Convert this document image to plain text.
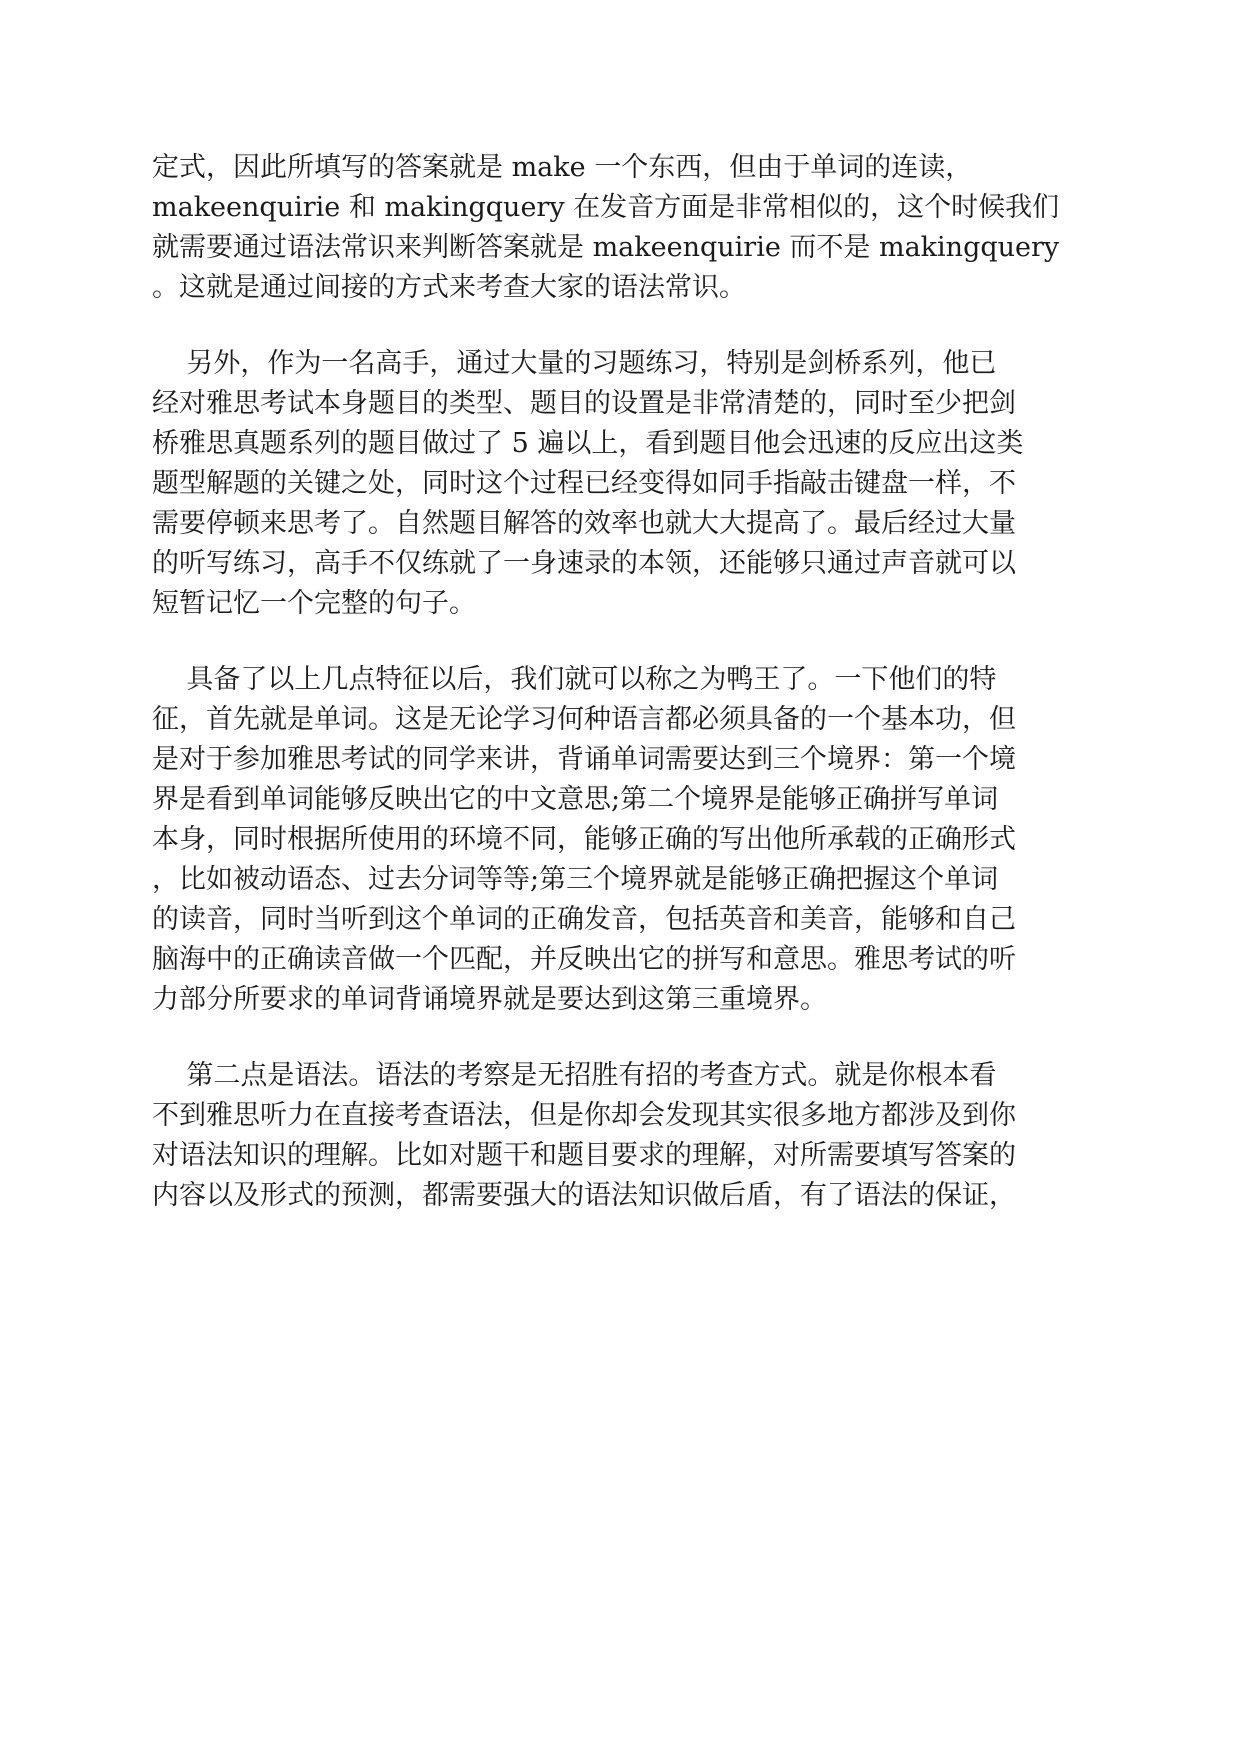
定式，因此所填写的答案就是 make 一个东西，但由于单词的连读，
makeenquirie 和 makingquery 在发音方面是非常相似的，这个时候我们
就需要通过语法常识来判断答案就是 makeenquirie 而不是 makingquery
。这就是通过间接的方式来考查大家的语法常识。

另外，作为一名高手，通过大量的习题练习，特别是剑桥系列，他已
经对雅思考试本身题目的类型、题目的设置是非常清楚的，同时至少把剑
桥雅思真题系列的题目做过了 5 遍以上，看到题目他会迅速的反应出这类
题型解题的关键之处，同时这个过程已经变得如同手指敲击键盘一样，不
需要停顿来思考了。自然题目解答的效率也就大大提高了。最后经过大量
的听写练习，高手不仅练就了一身速录的本领，还能够只通过声音就可以
短暂记忆一个完整的句子。

具备了以上几点特征以后，我们就可以称之为鸭王了。一下他们的特
征，首先就是单词。这是无论学习何种语言都必须具备的一个基本功，但
是对于参加雅思考试的同学来讲，背诵单词需要达到三个境界：第一个境
界是看到单词能够反映出它的中文意思;第二个境界是能够正确拼写单词
本身，同时根据所使用的环境不同，能够正确的写出他所承载的正确形式
，比如被动语态、过去分词等等;第三个境界就是能够正确把握这个单词
的读音，同时当听到这个单词的正确发音，包括英音和美音，能够和自己
脑海中的正确读音做一个匹配，并反映出它的拼写和意思。雅思考试的听
力部分所要求的单词背诵境界就是要达到这第三重境界。

第二点是语法。语法的考察是无招胜有招的考查方式。就是你根本看
不到雅思听力在直接考查语法，但是你却会发现其实很多地方都涉及到你
对语法知识的理解。比如对题干和题目要求的理解，对所需要填写答案的
内容以及形式的预测，都需要强大的语法知识做后盾，有了语法的保证，
